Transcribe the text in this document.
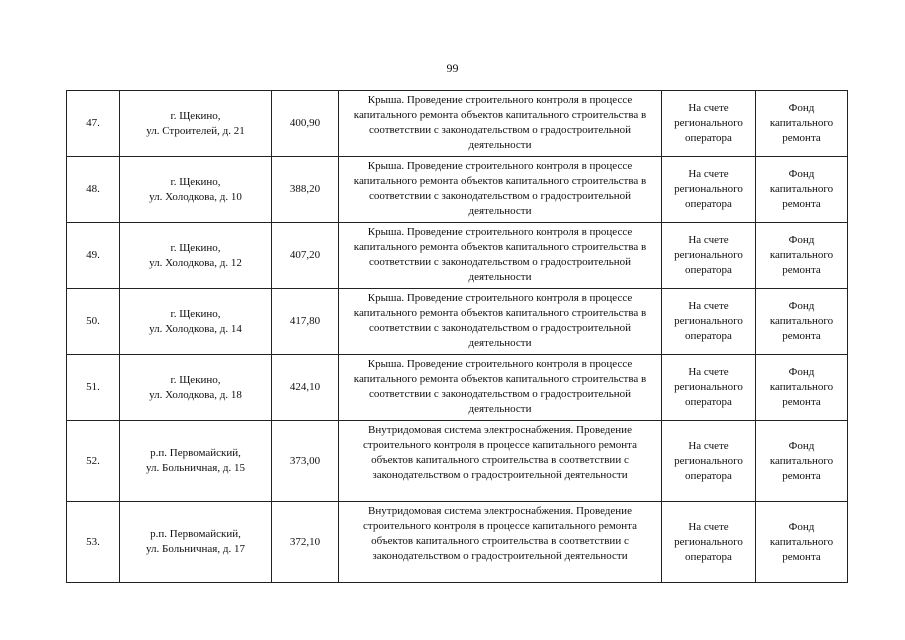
99
47.	г. Щекино,
ул. Строителей, д. 21	400,90	Крыша. Проведение строительного контроля в процессе капитального ремонта объектов капитального строительства в соответствии с законодательством о градостроительной деятельности	На счете регионального оператора	Фонд капитального ремонта
48.	г. Щекино,
ул. Холодкова, д. 10	388,20	Крыша. Проведение строительного контроля в процессе капитального ремонта объектов капитального строительства в соответствии с законодательством о градостроительной деятельности	На счете регионального оператора	Фонд капитального ремонта
49.	г. Щекино,
ул. Холодкова, д. 12	407,20	Крыша. Проведение строительного контроля в процессе капитального ремонта объектов капитального строительства в соответствии с законодательством о градостроительной деятельности	На счете регионального оператора	Фонд капитального ремонта
50.	г. Щекино,
ул. Холодкова, д. 14	417,80	Крыша. Проведение строительного контроля в процессе капитального ремонта объектов капитального строительства в соответствии с законодательством о градостроительной деятельности	На счете регионального оператора	Фонд капитального ремонта
51.	г. Щекино,
ул. Холодкова, д. 18	424,10	Крыша. Проведение строительного контроля в процессе капитального ремонта объектов капитального строительства в соответствии с законодательством о градостроительной деятельности	На счете регионального оператора	Фонд капитального ремонта
52.	р.п. Первомайский,
ул. Больничная, д. 15	373,00	Внутридомовая система электроснабжения. Проведение строительного контроля в процессе капитального ремонта объектов капитального строительства в соответствии с законодательством о градостроительной деятельности	На счете регионального оператора	Фонд капитального ремонта
53.	р.п. Первомайский,
ул. Больничная, д. 17	372,10	Внутридомовая система электроснабжения. Проведение строительного контроля в процессе капитального ремонта объектов капитального строительства в соответствии с законодательством о градостроительной деятельности	На счете регионального оператора	Фонд капитального ремонта
